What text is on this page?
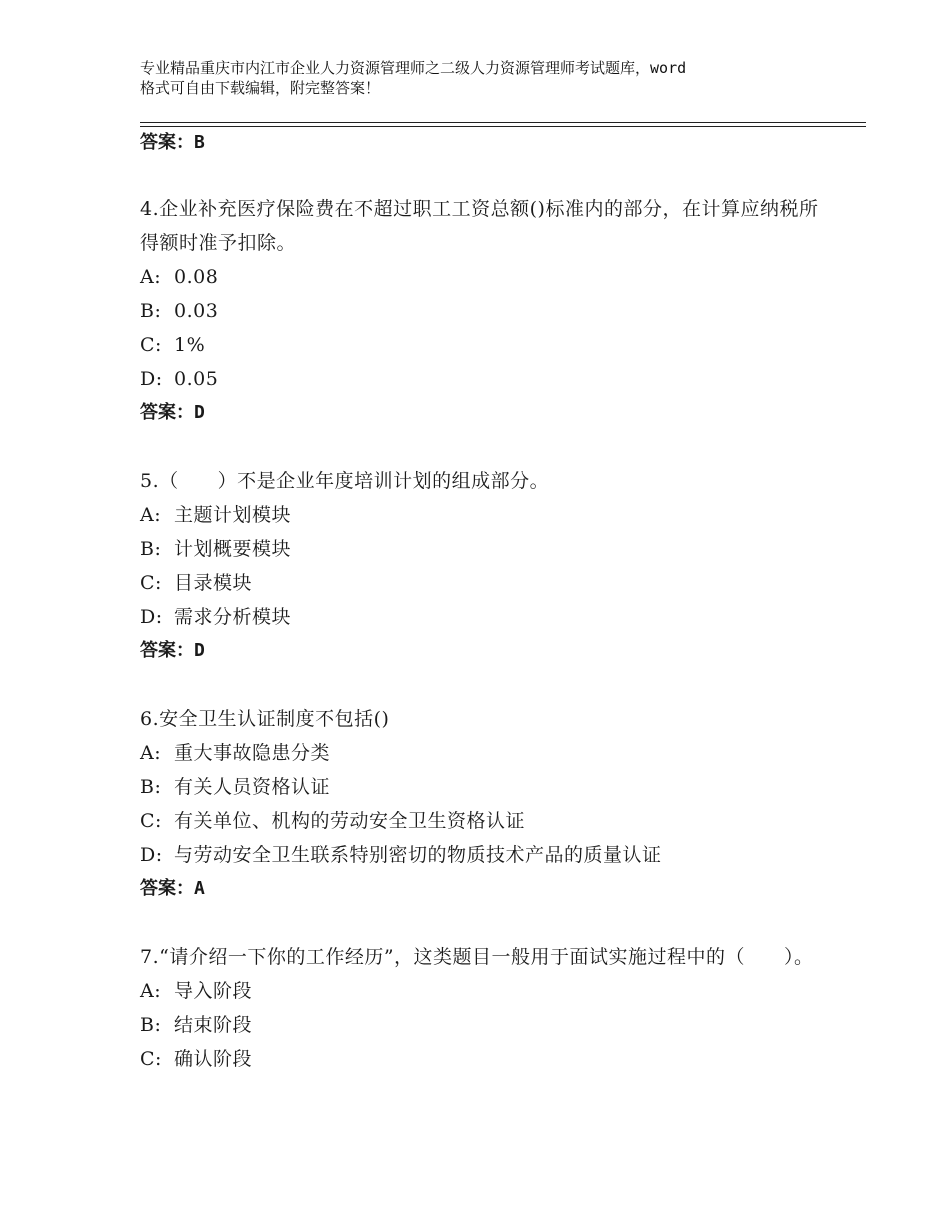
专业精品重庆市内江市企业人力资源管理师之二级人力资源管理师考试题库，word
格式可自由下载编辑，附完整答案！
答案：B
4.企业补充医疗保险费在不超过职工工资总额()标准内的部分，在计算应纳税所得额时准予扣除。
A: 0.08
B: 0.03
C: 1%
D: 0.05
答案：D
5.（　　）不是企业年度培训计划的组成部分。
A: 主题计划模块
B: 计划概要模块
C: 目录模块
D: 需求分析模块
答案：D
6.安全卫生认证制度不包括()
A: 重大事故隐患分类
B: 有关人员资格认证
C: 有关单位、机构的劳动安全卫生资格认证
D: 与劳动安全卫生联系特别密切的物质技术产品的质量认证
答案：A
7.“请介绍一下你的工作经历”，这类题目一般用于面试实施过程中的（　　）。
A: 导入阶段
B: 结束阶段
C: 确认阶段
